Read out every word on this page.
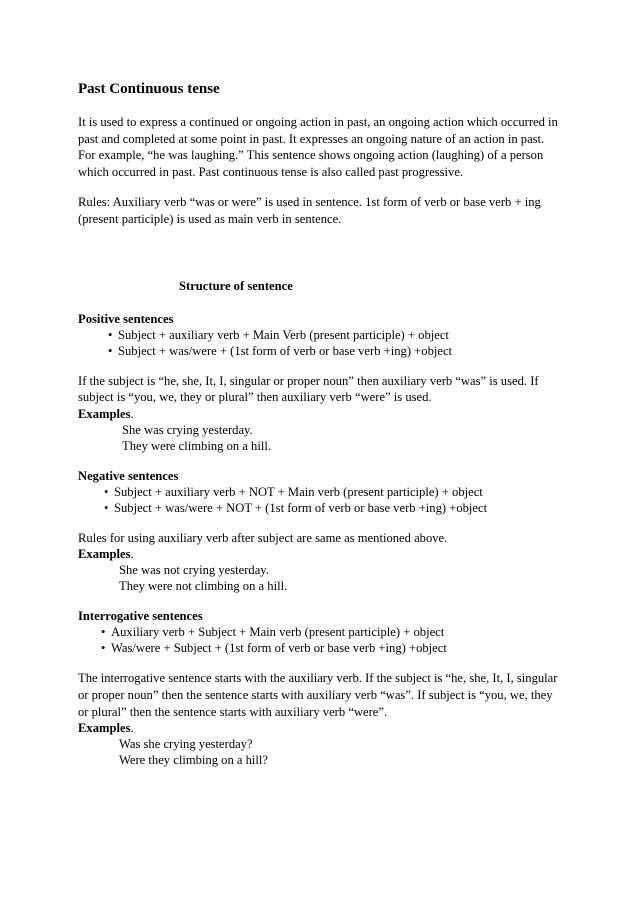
Past Continuous tense

It is used to express a continued or ongoing action in past, an ongoing action which occurred in past and completed at some point in past. It expresses an ongoing nature of an action in past. For example, “he was laughing.” This sentence shows ongoing action (laughing) of a person which occurred in past. Past continuous tense is also called past progressive.

Rules: Auxiliary verb “was or were” is used in sentence. 1st form of verb or base verb + ing (present participle) is used as main verb in sentence.

Structure of sentence
Positive sentences
• Subject + auxiliary verb + Main Verb (present participle) + object
• Subject + was/were + (1st form of verb or base verb +ing) +object

If the subject is “he, she, It, I, singular or proper noun” then auxiliary verb “was” is used. If subject is “you, we, they or plural” then auxiliary verb “were” is used.

Examples.
She was crying yesterday.
They were climbing on a hill.
Negative sentences
• Subject + auxiliary verb + NOT + Main verb (present participle) + object
• Subject + was/were + NOT + (1st form of verb or base verb +ing) +object

Rules for using auxiliary verb after subject are same as mentioned above.

Examples.
She was not crying yesterday.
They were not climbing on a hill.
Interrogative sentences
• Auxiliary verb + Subject + Main verb (present participle) + object
• Was/were + Subject + (1st form of verb or base verb +ing) +object

The interrogative sentence starts with the auxiliary verb. If the subject is “he, she, It, I, singular or proper noun” then the sentence starts with auxiliary verb “was”. If subject is “you, we, they or plural” then the sentence starts with auxiliary verb “were”.

Examples.
Was she crying yesterday?
Were they climbing on a hill?
